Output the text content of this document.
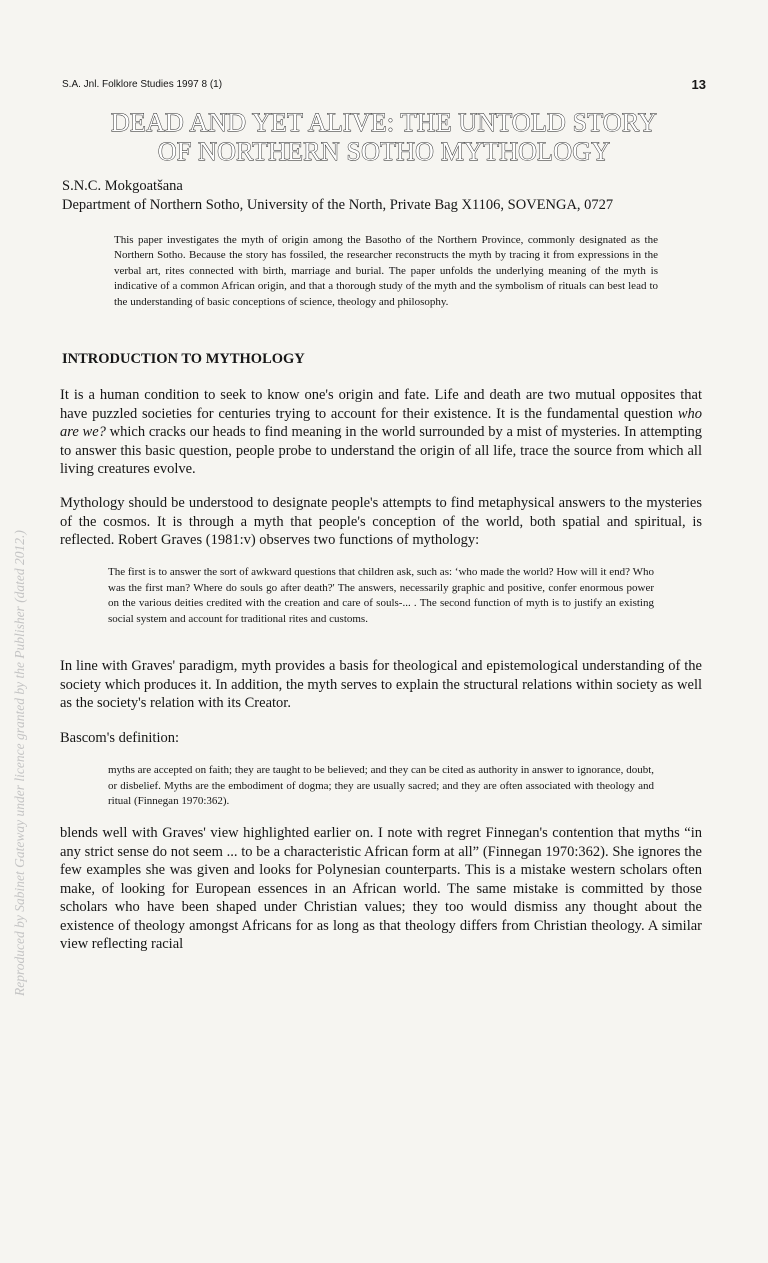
Reproduced by Sabinet Gateway under licence granted by the Publisher (dated 2012.)
S.A. Jnl. Folklore Studies 1997 8 (1)	13
DEAD AND YET ALIVE: THE UNTOLD STORY
OF NORTHERN SOTHO MYTHOLOGY
S.N.C. Mokgoatšana
Department of Northern Sotho, University of the North, Private Bag X1106, SOVENGA, 0727
This paper investigates the myth of origin among the Basotho of the Northern Province, commonly designated as the Northern Sotho. Because the story has fossiled, the researcher reconstructs the myth by tracing it from expressions in the verbal art, rites connected with birth, marriage and burial. The paper unfolds the underlying meaning of the myth is indicative of a common African origin, and that a thorough study of the myth and the symbolism of rituals can best lead to the understanding of basic conceptions of science, theology and philosophy.
INTRODUCTION TO MYTHOLOGY
It is a human condition to seek to know one's origin and fate. Life and death are two mutual opposites that have puzzled societies for centuries trying to account for their existence. It is the fundamental question who are we? which cracks our heads to find meaning in the world surrounded by a mist of mysteries. In attempting to answer this basic question, people probe to understand the origin of all life, trace the source from which all living creatures evolve.
Mythology should be understood to designate people's attempts to find metaphysical answers to the mysteries of the cosmos. It is through a myth that people's conception of the world, both spatial and spiritual, is reflected. Robert Graves (1981:v) observes two functions of mythology:
The first is to answer the sort of awkward questions that children ask, such as: ‘who made the world? How will it end? Who was the first man? Where do souls go after death?' The answers, necessarily graphic and positive, confer enormous power on the various deities credited with the creation and care of souls-... . The second function of myth is to justify an existing social system and account for traditional rites and customs.
In line with Graves' paradigm, myth provides a basis for theological and epistemological understanding of the society which produces it. In addition, the myth serves to explain the structural relations within society as well as the society's relation with its Creator.
Bascom's definition:
myths are accepted on faith; they are taught to be believed; and they can be cited as authority in answer to ignorance, doubt, or disbelief. Myths are the embodiment of dogma; they are usually sacred; and they are often associated with theology and ritual (Finnegan 1970:362).
blends well with Graves' view highlighted earlier on. I note with regret Finnegan's contention that myths “in any strict sense do not seem ... to be a characteristic African form at all” (Finnegan 1970:362). She ignores the few examples she was given and looks for Polynesian counterparts. This is a mistake western scholars often make, of looking for European essences in an African world. The same mistake is committed by those scholars who have been shaped under Christian values; they too would dismiss any thought about the existence of theology amongst Africans for as long as that theology differs from Christian theology. A similar view reflecting racial
